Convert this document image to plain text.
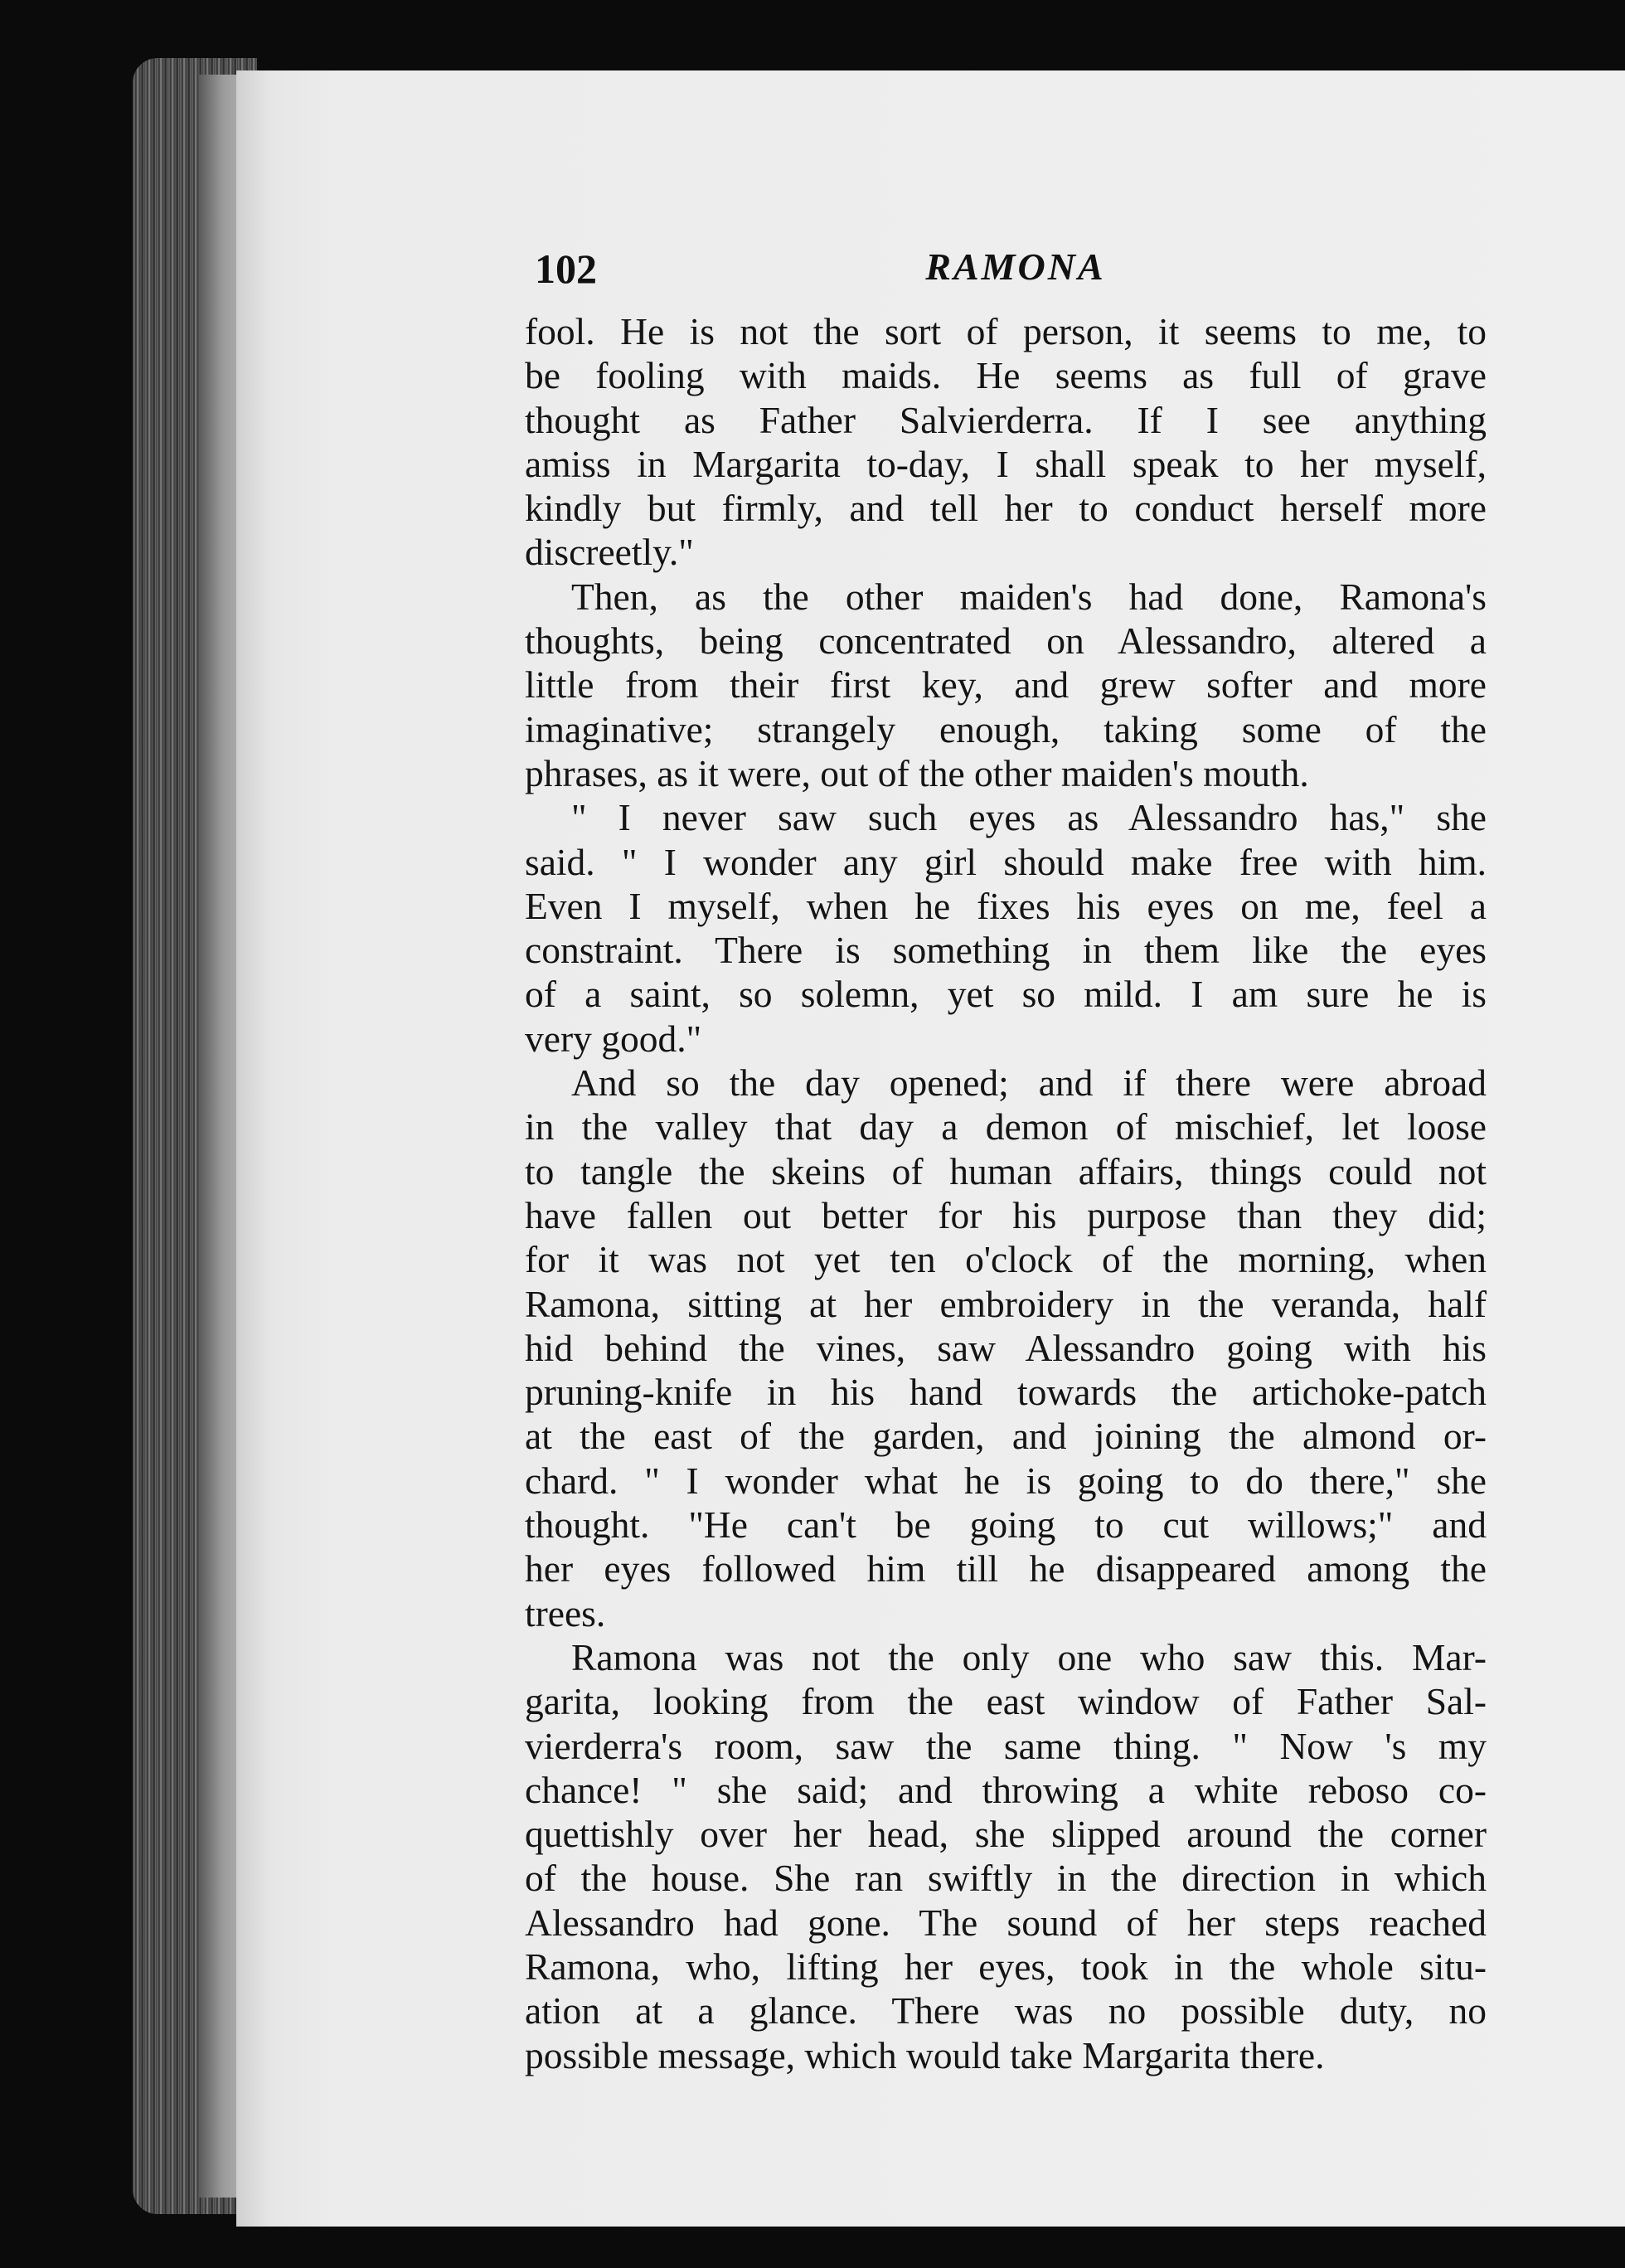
102	RAMONA

fool. He is not the sort of person, it seems to me, to
be fooling with maids. He seems as full of grave
thought as Father Salvierderra. If I see anything
amiss in Margarita to-day, I shall speak to her myself,
kindly but firmly, and tell her to conduct herself more
discreetly."

Then, as the other maiden's had done, Ramona's
thoughts, being concentrated on Alessandro, altered a
little from their first key, and grew softer and more
imaginative; strangely enough, taking some of the
phrases, as it were, out of the other maiden's mouth.

" I never saw such eyes as Alessandro has," she
said. " I wonder any girl should make free with him.
Even I myself, when he fixes his eyes on me, feel a
constraint. There is something in them like the eyes
of a saint, so solemn, yet so mild. I am sure he is
very good."

And so the day opened; and if there were abroad
in the valley that day a demon of mischief, let loose
to tangle the skeins of human affairs, things could not
have fallen out better for his purpose than they did;
for it was not yet ten o'clock of the morning, when
Ramona, sitting at her embroidery in the veranda, half
hid behind the vines, saw Alessandro going with his
pruning-knife in his hand towards the artichoke-patch
at the east of the garden, and joining the almond or-
chard. " I wonder what he is going to do there," she
thought. "He can't be going to cut willows;" and
her eyes followed him till he disappeared among the
trees.

Ramona was not the only one who saw this. Mar-
garita, looking from the east window of Father Sal-
vierderra's room, saw the same thing. " Now 's my
chance! " she said; and throwing a white reboso co-
quettishly over her head, she slipped around the corner
of the house. She ran swiftly in the direction in which
Alessandro had gone. The sound of her steps reached
Ramona, who, lifting her eyes, took in the whole situ-
ation at a glance. There was no possible duty, no
possible message, which would take Margarita there.
